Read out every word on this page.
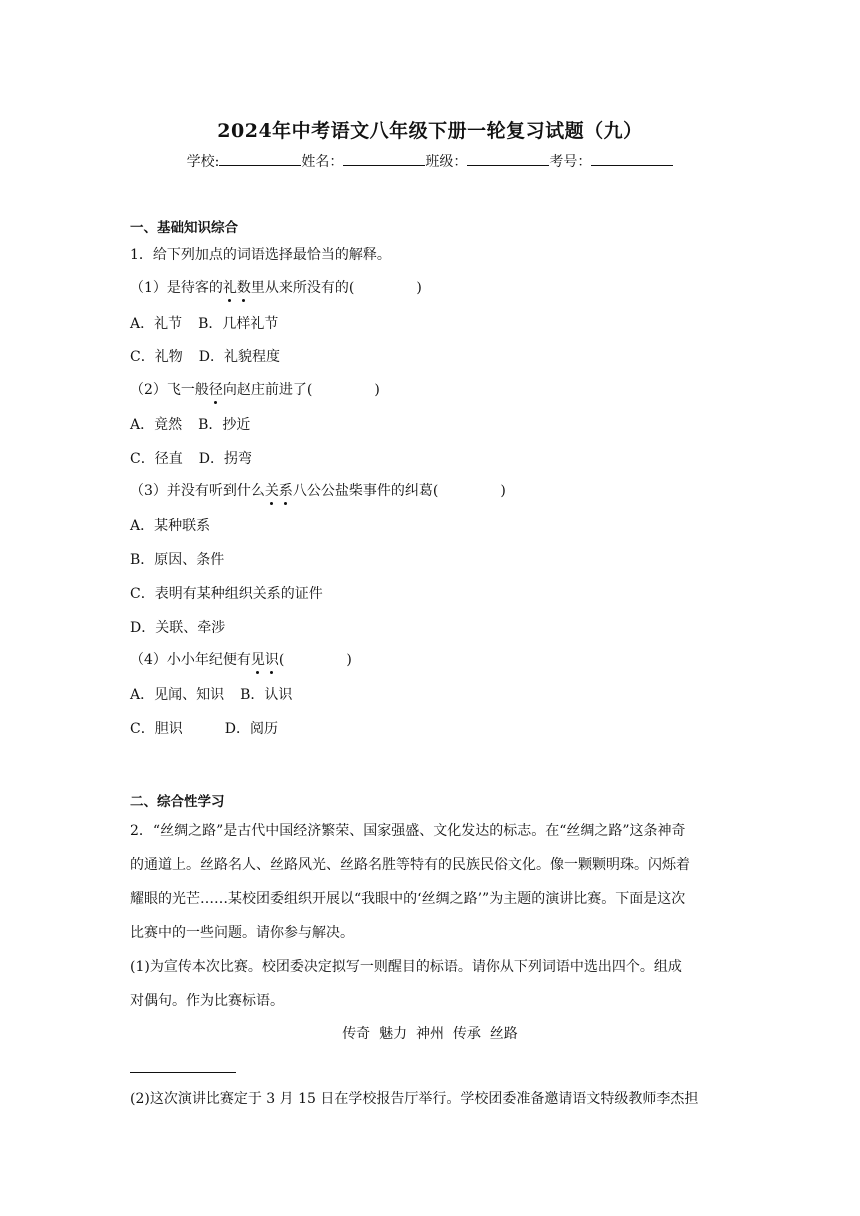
2024年中考语文八年级下册一轮复习试题（九）
学校:	姓名：	班级：	考号：
一、基础知识综合
1．给下列加点的词语选择最恰当的解释。
（1）是待客的礼数里从来所没有的(	)
A．礼节 B．几样礼节
C．礼物 D．礼貌程度
（2）飞一般径向赵庄前进了(	)
A．竟然 B．抄近
C．径直 D．拐弯
（3）并没有听到什么关系八公公盐柴事件的纠葛(	)
A．某种联系
B．原因、条件
C．表明有某种组织关系的证件
D．关联、牵涉
（4）小小年纪便有见识(	)
A．见闻、知识 B．认识
C．胆识	D．阅历
二、综合性学习
2．“丝绸之路”是古代中国经济繁荣、国家强盛、文化发达的标志。在“丝绸之路”这条神奇
的通道上。丝路名人、丝路风光、丝路名胜等特有的民族民俗文化。像一颗颗明珠。闪烁着
耀眼的光芒……某校团委组织开展以“我眼中的‘丝绸之路’”为主题的演讲比赛。下面是这次
比赛中的一些问题。请你参与解决。
(1)为宣传本次比赛。校团委决定拟写一则醒目的标语。请你从下列词语中选出四个。组成
对偶句。作为比赛标语。
传奇  魅力  神州  传承  丝路
(2)这次演讲比赛定于 3 月 15 日在学校报告厅举行。学校团委准备邀请语文特级教师李杰担
